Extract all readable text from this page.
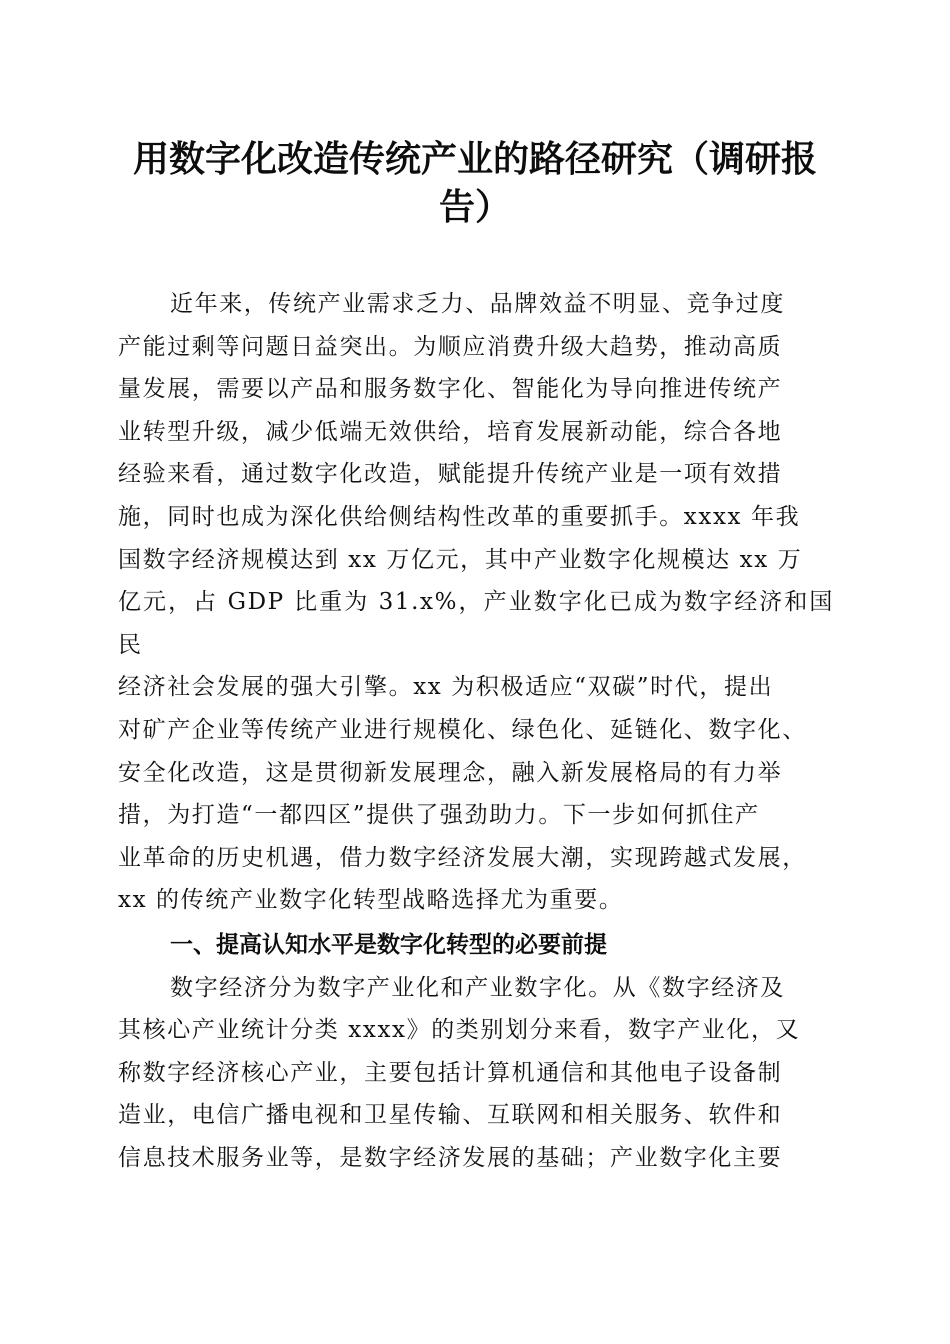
用数字化改造传统产业的路径研究（调研报
告）

近年来，传统产业需求乏力、品牌效益不明显、竞争过度
产能过剩等问题日益突出。为顺应消费升级大趋势，推动高质
量发展，需要以产品和服务数字化、智能化为导向推进传统产
业转型升级，减少低端无效供给，培育发展新动能，综合各地
经验来看，通过数字化改造，赋能提升传统产业是一项有效措
施，同时也成为深化供给侧结构性改革的重要抓手。xxxx 年我
国数字经济规模达到 xx 万亿元，其中产业数字化规模达 xx 万
亿元，占 GDP 比重为 31.x%，产业数字化已成为数字经济和国民
经济社会发展的强大引擎。xx 为积极适应“双碳”时代，提出
对矿产企业等传统产业进行规模化、绿色化、延链化、数字化、
安全化改造，这是贯彻新发展理念，融入新发展格局的有力举
措，为打造“一都四区”提供了强劲助力。下一步如何抓住产
业革命的历史机遇，借力数字经济发展大潮，实现跨越式发展，
xx 的传统产业数字化转型战略选择尤为重要。

一、提高认知水平是数字化转型的必要前提

数字经济分为数字产业化和产业数字化。从《数字经济及
其核心产业统计分类 xxxx》的类别划分来看，数字产业化，又
称数字经济核心产业，主要包括计算机通信和其他电子设备制
造业，电信广播电视和卫星传输、互联网和相关服务、软件和
信息技术服务业等，是数字经济发展的基础；产业数字化主要
